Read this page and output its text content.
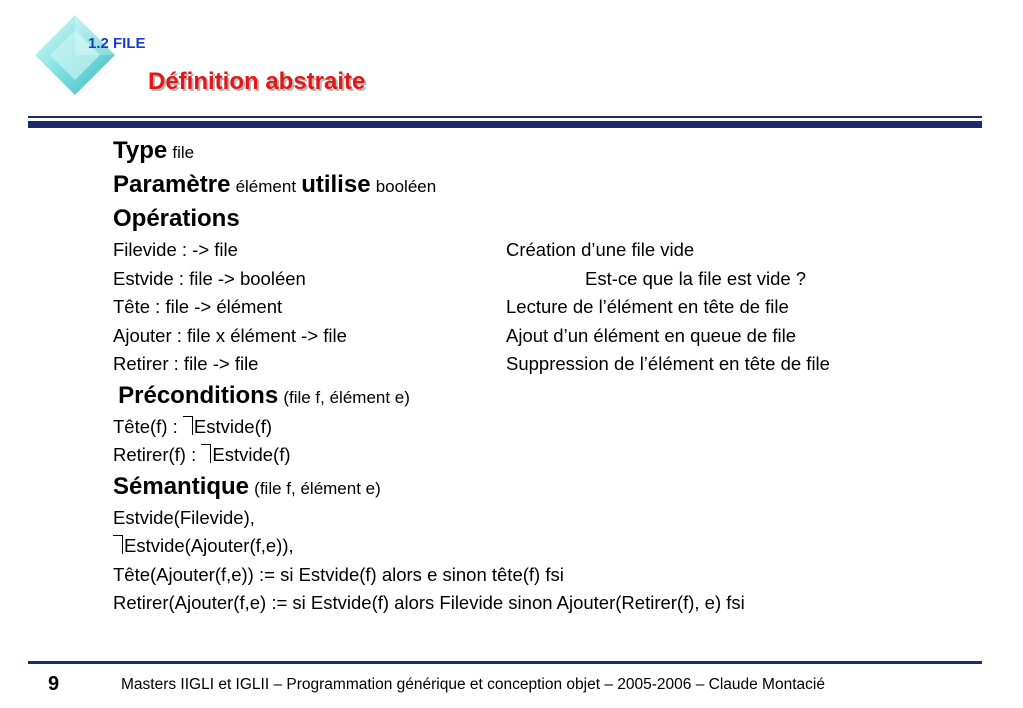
1.2 FILE
Définition abstraite
Type file
Paramètre élément utilise booléen
Opérations
Filevide : -> file	Création d’une file vide
Estvide : file -> booléen	Est-ce que la file est vide ?
Tête : file -> élément	Lecture de l’élément en tête de file
Ajouter : file x élément -> file	Ajout d’un élément en queue de file
Retirer : file -> file	Suppression de l’élément en tête de file
Préconditions (file f, élément e)
Tête(f) : Estvide(f)
Retirer(f) : Estvide(f)
Sémantique (file f, élément e)
Estvide(Filevide),
Estvide(Ajouter(f,e)),
Tête(Ajouter(f,e)) := si Estvide(f) alors e sinon tête(f) fsi
Retirer(Ajouter(f,e) := si Estvide(f) alors Filevide sinon Ajouter(Retirer(f), e) fsi
9	Masters IIGLI et IGLII – Programmation générique et conception objet – 2005-2006 – Claude Montacié
